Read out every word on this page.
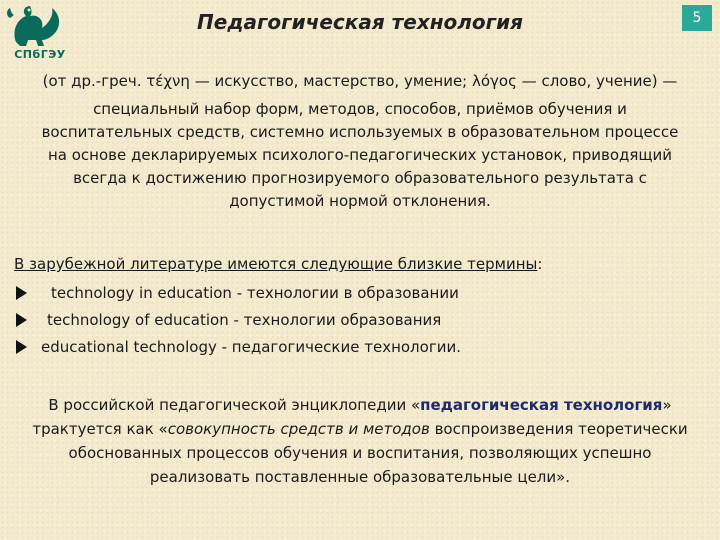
СПбГЭУ
Педагогическая технология	5
(от др.-греч. τέχνη — искусство, мастерство, умение; λόγος — слово, учение) —
специальный набор форм, методов, способов, приёмов обучения и воспитательных средств, системно используемых в образовательном процессе на основе декларируемых психолого-педагогических установок, приводящий всегда к достижению прогнозируемого образовательного результата с допустимой нормой отклонения.
В зарубежной литературе имеются следующие близкие термины:
technology in education - технологии в образовании
technology of education - технологии образования
educational technology - педагогические технологии.
В российской педагогической энциклопедии «педагогическая технология» трактуется как «совокупность средств и методов воспроизведения теоретически обоснованных процессов обучения и воспитания, позволяющих успешно реализовать поставленные образовательные цели».
